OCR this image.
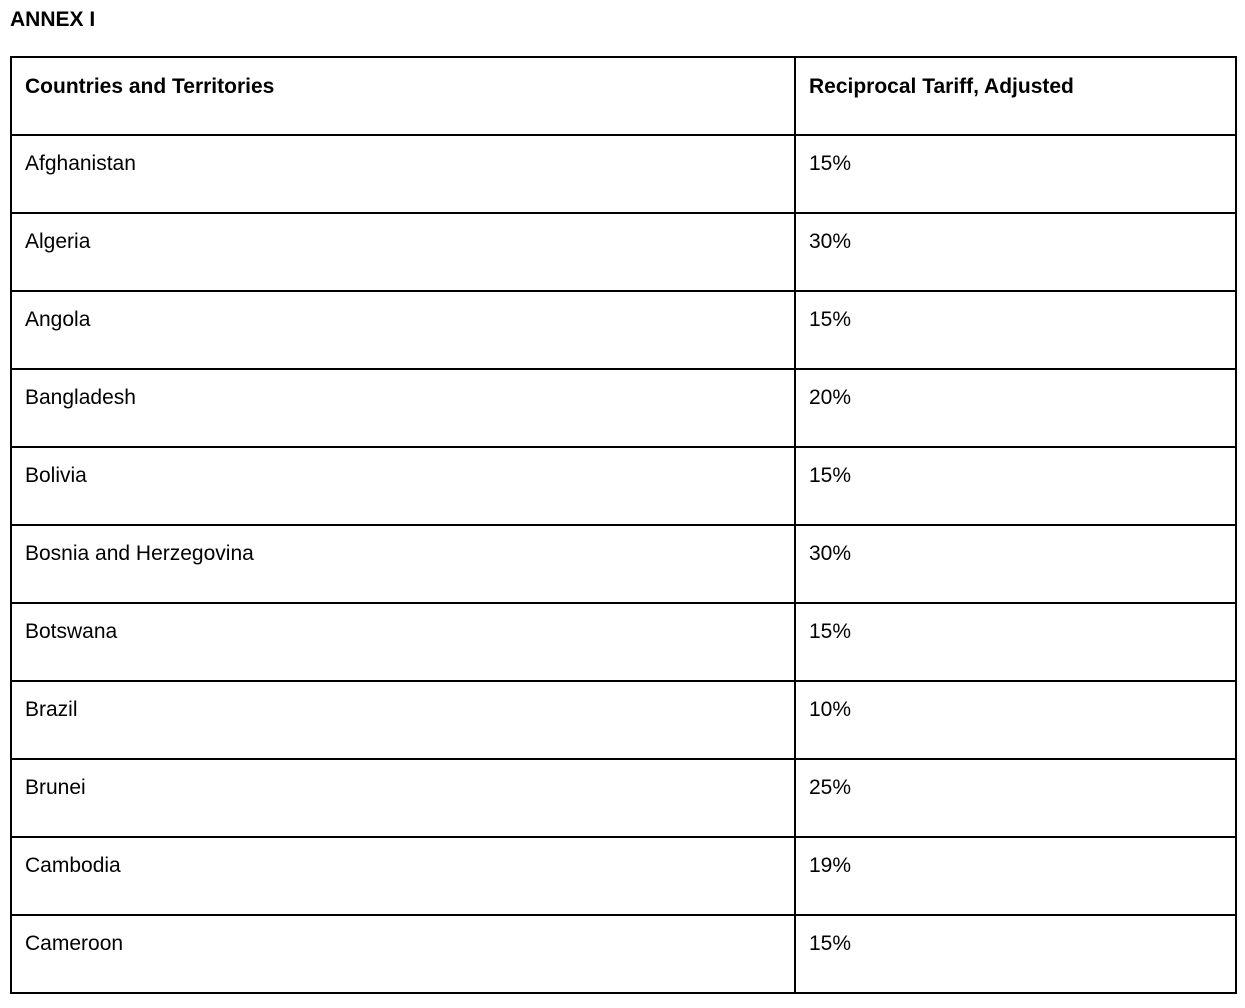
ANNEX I
Countries and Territories	Reciprocal Tariff, Adjusted
Afghanistan	15%
Algeria	30%
Angola	15%
Bangladesh	20%
Bolivia	15%
Bosnia and Herzegovina	30%
Botswana	15%
Brazil	10%
Brunei	25%
Cambodia	19%
Cameroon	15%
